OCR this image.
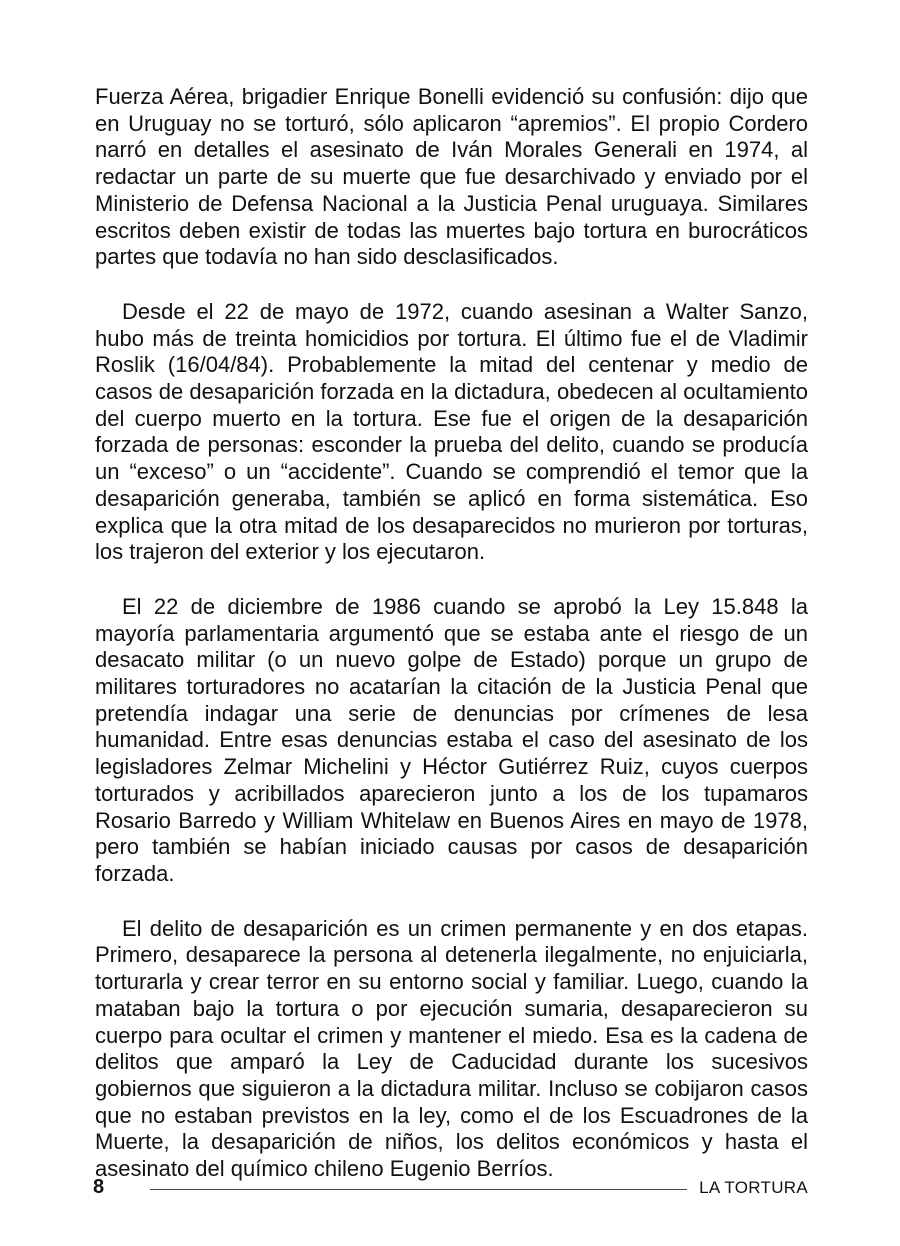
Fuerza Aérea, brigadier Enrique Bonelli evidenció su confusión: dijo que en Uruguay no se torturó, sólo aplicaron “apremios”. El propio Cordero narró en detalles el asesinato de Iván Morales Generali en 1974, al redactar un parte de su muerte que fue desarchivado y enviado por el Ministerio de Defensa Nacional a la Justicia Penal uruguaya. Similares escritos deben existir de todas las muertes bajo tortura en burocráticos partes que todavía no han sido desclasificados.

Desde el 22 de mayo de 1972, cuando asesinan a Walter Sanzo, hubo más de treinta homicidios por tortura. El último fue el de Vladimir Roslik (16/04/84). Probablemente la mitad del centenar y medio de casos de desaparición forzada en la dictadura, obedecen al ocultamiento del cuerpo muerto en la tortura. Ese fue el origen de la desaparición forzada de personas: esconder la prueba del delito, cuando se producía un “exceso” o un “accidente”. Cuando se comprendió el temor que la desaparición generaba, también se aplicó en forma sistemática. Eso explica que la otra mitad de los desaparecidos no murieron por torturas, los trajeron del exterior y los ejecutaron.

El 22 de diciembre de 1986 cuando se aprobó la Ley 15.848 la mayoría parlamentaria argumentó que se estaba ante el riesgo de un desacato militar (o un nuevo golpe de Estado) porque un grupo de militares torturadores no acatarían la citación de la Justicia Penal que pretendía indagar una serie de denuncias por crímenes de lesa humanidad. Entre esas denuncias estaba el caso del asesinato de los legisladores Zelmar Michelini y Héctor Gutiérrez Ruiz, cuyos cuerpos torturados y acribillados aparecieron junto a los de los tupamaros Rosario Barredo y William Whitelaw en Buenos Aires en mayo de 1978, pero también se habían iniciado causas por casos de desaparición forzada.

El delito de desaparición es un crimen permanente y en dos etapas. Primero, desaparece la persona al detenerla ilegalmente, no enjuiciarla, torturarla y crear terror en su entorno social y familiar. Luego, cuando la mataban bajo la tortura o por ejecución sumaria, desaparecieron su cuerpo para ocultar el crimen y mantener el miedo. Esa es la cadena de delitos que amparó la Ley de Caducidad durante los sucesivos gobiernos que siguieron a la dictadura militar. Incluso se cobijaron casos que no estaban previstos en la ley, como el de los Escuadrones de la Muerte, la desaparición de niños, los delitos económicos y hasta el asesinato del químico chileno Eugenio Berríos.

8	LA TORTURA
